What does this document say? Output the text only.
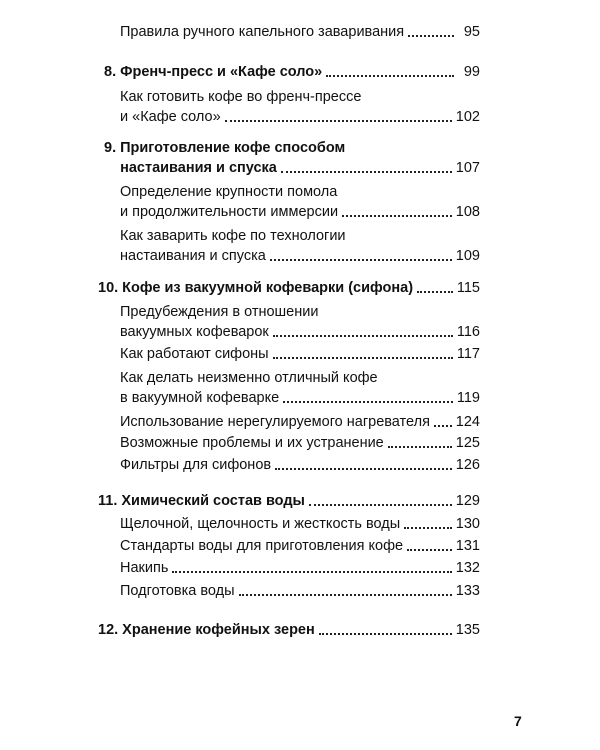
Правила ручного капельного заваривания	95
8. Френч-пресс и «Кафе соло»	99
Как готовить кофе во френч-прессе
и «Кафе соло»	102
9. Приготовление кофе способом
настаивания и спуска	107
Определение крупности помола
и продолжительности иммерсии	108
Как заварить кофе по технологии
настаивания и спуска	109
10. Кофе из вакуумной кофеварки (сифона)	115
Предубеждения в отношении
вакуумных кофеварок	116
Как работают сифоны	117
Как делать неизменно отличный кофе
в вакуумной кофеварке	119
Использование нерегулируемого нагревателя 124
Возможные проблемы и их устранение	125
Фильтры для сифонов	126
11. Химический состав воды	129
Щелочной, щелочность и жесткость воды	130
Стандарты воды для приготовления кофе	131
Накипь	132
Подготовка воды	133
12. Хранение кофейных зерен	135
7
